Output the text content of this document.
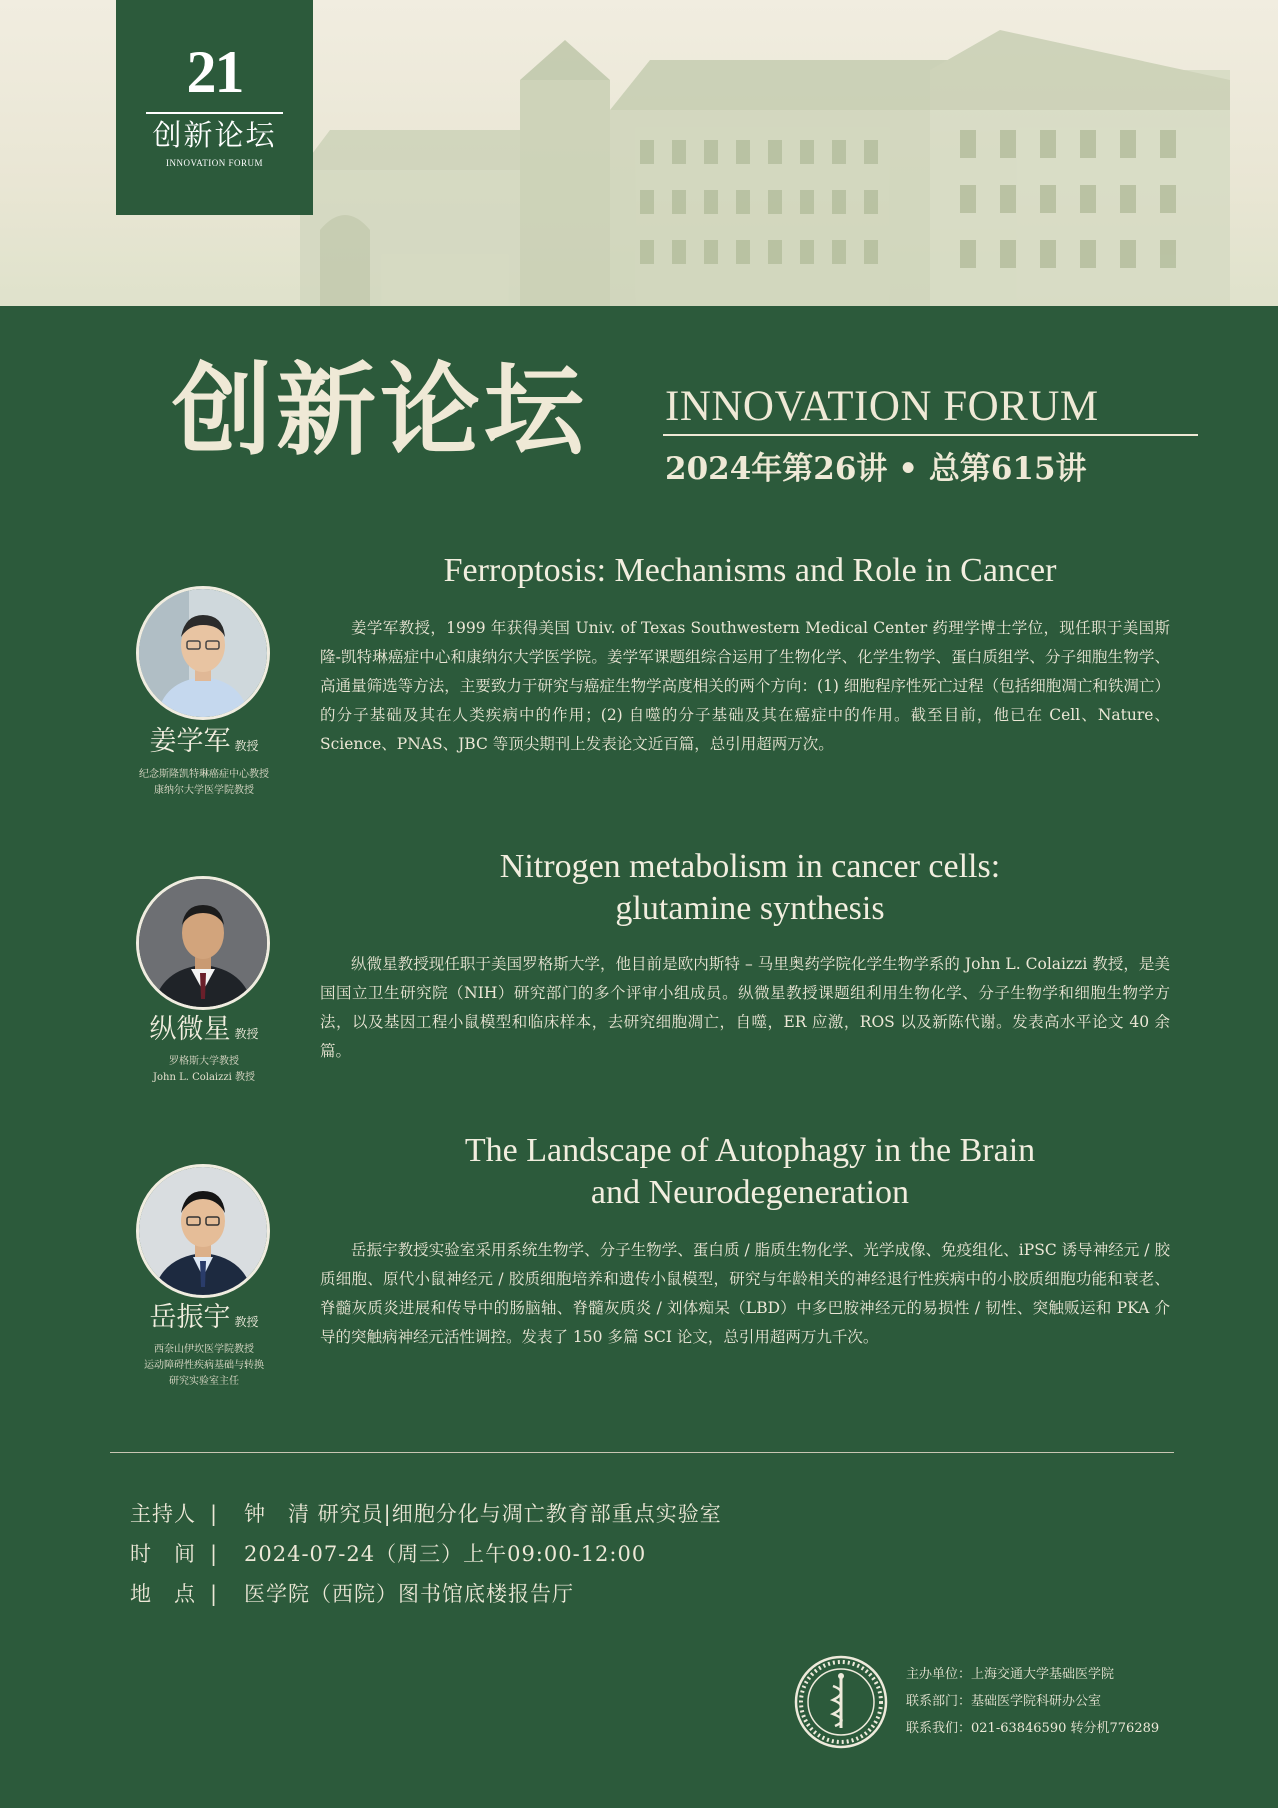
21
创新论坛
INNOVATION FORUM
创新论坛 INNOVATION FORUM
2024年第26讲 • 总第615讲
Ferroptosis: Mechanisms and Role in Cancer
姜学军 教授
纪念斯隆凯特琳癌症中心教授
康纳尔大学医学院教授

姜学军教授，1999 年获得美国 Univ. of Texas Southwestern Medical Center 药理学博士学位，现任职于美国斯隆-凯特琳癌症中心和康纳尔大学医学院。姜学军课题组综合运用了生物化学、化学生物学、蛋白质组学、分子细胞生物学、高通量筛选等方法，主要致力于研究与癌症生物学高度相关的两个方向：(1) 细胞程序性死亡过程（包括细胞凋亡和铁凋亡）的分子基础及其在人类疾病中的作用；(2) 自噬的分子基础及其在癌症中的作用。截至目前，他已在 Cell、Nature、Science、PNAS、JBC 等顶尖期刊上发表论文近百篇，总引用超两万次。

Nitrogen metabolism in cancer cells:
glutamine synthesis
纵微星 教授
罗格斯大学教授
John L. Colaizzi 教授

纵微星教授现任职于美国罗格斯大学，他目前是欧内斯特 – 马里奥药学院化学生物学系的 John L. Colaizzi 教授，是美国国立卫生研究院（NIH）研究部门的多个评审小组成员。纵微星教授课题组利用生物化学、分子生物学和细胞生物学方法，以及基因工程小鼠模型和临床样本，去研究细胞凋亡，自噬，ER 应激，ROS 以及新陈代谢。发表高水平论文 40 余篇。

The Landscape of Autophagy in the Brain
and Neurodegeneration
岳振宇 教授
西奈山伊坎医学院教授
运动障碍性疾病基础与转换
研究实验室主任

岳振宇教授实验室采用系统生物学、分子生物学、蛋白质 / 脂质生物化学、光学成像、免疫组化、iPSC 诱导神经元 / 胶质细胞、原代小鼠神经元 / 胶质细胞培养和遗传小鼠模型，研究与年龄相关的神经退行性疾病中的小胶质细胞功能和衰老、脊髓灰质炎进展和传导中的肠脑轴、脊髓灰质炎 / 刘体痴呆（LBD）中多巴胺神经元的易损性 / 韧性、突触贩运和 PKA 介导的突触病神经元活性调控。发表了 150 多篇 SCI 论文，总引用超两万九千次。

主持人 | 钟　清 研究员|细胞分化与凋亡教育部重点实验室
时　间 | 2024-07-24（周三）上午09:00-12:00
地　点 | 医学院（西院）图书馆底楼报告厅
主办单位：上海交通大学基础医学院
联系部门：基础医学院科研办公室
联系我们：021-63846590 转分机776289
